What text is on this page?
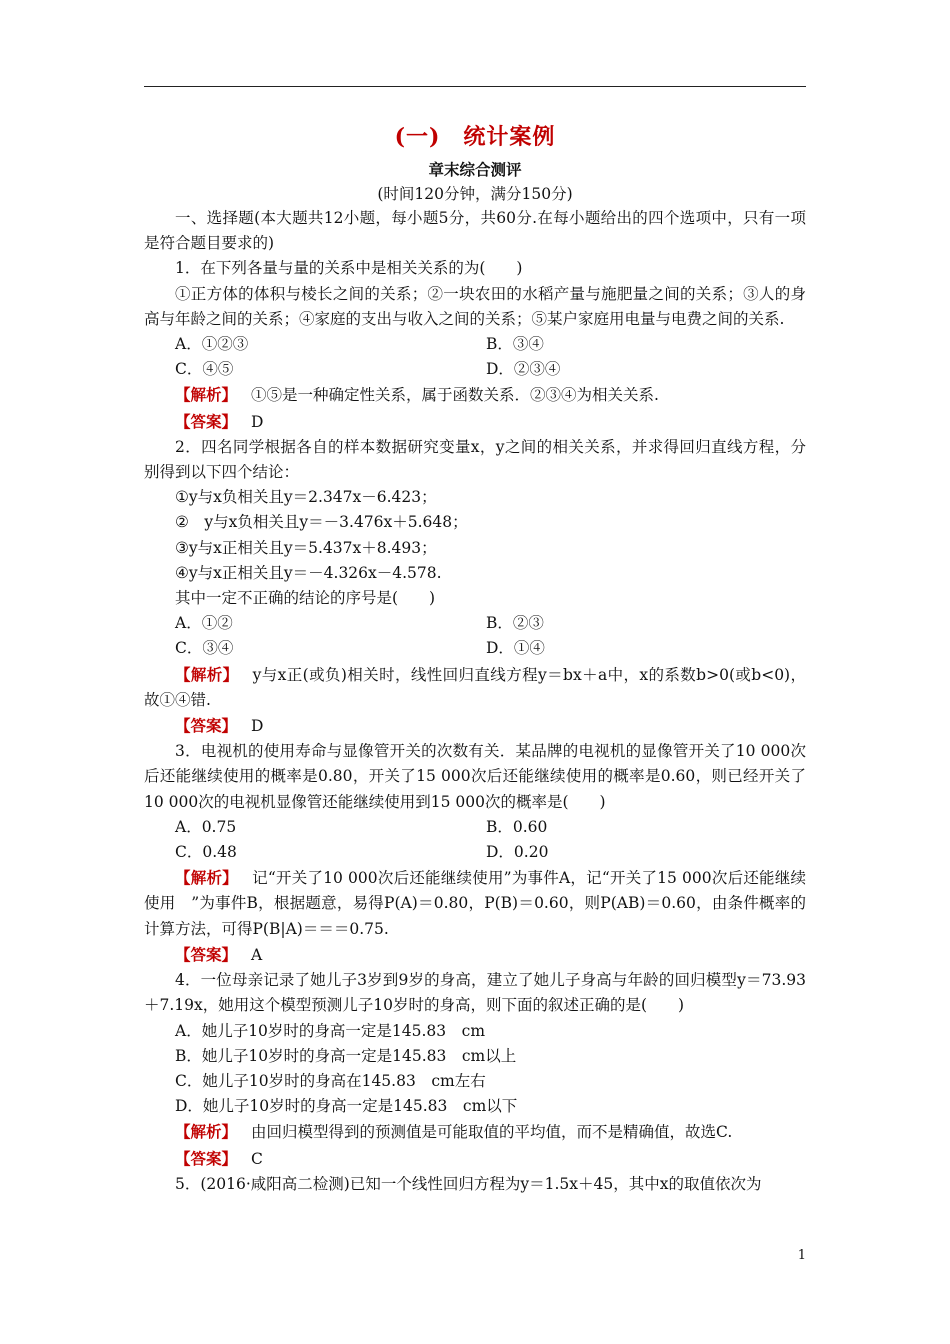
(一)　统计案例
章末综合测评
(时间120分钟，满分150分)

一、选择题(本大题共12小题，每小题5分，共60分.在每小题给出的四个选项中，只有一项是符合题目要求的)

1．在下列各量与量的关系中是相关关系的为(　　)

①正方体的体积与棱长之间的关系；②一块农田的水稻产量与施肥量之间的关系；③人的身高与年龄之间的关系；④家庭的支出与收入之间的关系；⑤某户家庭用电量与电费之间的关系.

A．①②③	B．③④
C．④⑤	D．②③④

【解析】 ①⑤是一种确定性关系，属于函数关系．②③④为相关关系.

【答案】 D

2．四名同学根据各自的样本数据研究变量x，y之间的相关关系，并求得回归直线方程，分别得到以下四个结论：

①y与x负相关且y＝2.347x－6.423；

②　y与x负相关且y＝－3.476x＋5.648；

③y与x正相关且y＝5.437x＋8.493；

④y与x正相关且y＝－4.326x－4.578.

其中一定不正确的结论的序号是(　　)

A．①②	B．②③
C．③④	D．①④

【解析】 y与x正(或负)相关时，线性回归直线方程y＝bx＋a中，x的系数b>0(或b<0)，故①④错.

【答案】 D

3．电视机的使用寿命与显像管开关的次数有关．某品牌的电视机的显像管开关了10 000次后还能继续使用的概率是0.80，开关了15 000次后还能继续使用的概率是0.60，则已经开关了10 000次的电视机显像管还能继续使用到15 000次的概率是(　　)

A．0.75	B．0.60
C．0.48	D．0.20

【解析】 记“开关了10 000次后还能继续使用”为事件A，记“开关了15 000次后还能继续使用　”为事件B，根据题意，易得P(A)＝0.80，P(B)＝0.60，则P(AB)＝0.60，由条件概率的计算方法，可得P(B|A)＝＝＝0.75.

【答案】 A

4．一位母亲记录了她儿子3岁到9岁的身高，建立了她儿子身高与年龄的回归模型y＝73.93＋7.19x，她用这个模型预测儿子10岁时的身高，则下面的叙述正确的是(　　)

A．她儿子10岁时的身高一定是145.83　cm

B．她儿子10岁时的身高一定是145.83　cm以上

C．她儿子10岁时的身高在145.83　cm左右

D．她儿子10岁时的身高一定是145.83　cm以下

【解析】 由回归模型得到的预测值是可能取值的平均值，而不是精确值，故选C.

【答案】 C

5．(2016·咸阳高二检测)已知一个线性回归方程为y＝1.5x＋45，其中x的取值依次为

1
